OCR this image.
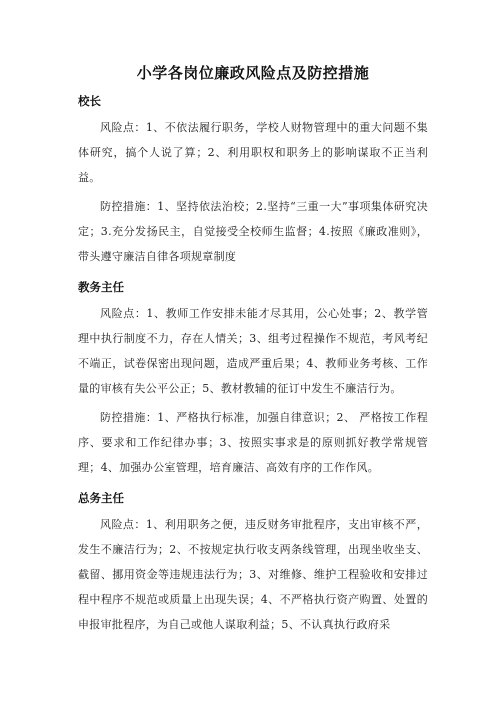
小学各岗位廉政风险点及防控措施
校长

风险点：1、不依法履行职务，学校人财物管理中的重大问题不集体研究，搞个人说了算；2、利用职权和职务上的影响谋取不正当利益。

防控措施：1、坚持依法治校；2.坚持“三重一大”事项集体研究决定；3.充分发扬民主，自觉接受全校师生监督；4.按照《廉政准则》，带头遵守廉洁自律各项规章制度

教务主任

风险点：1、教师工作安排未能才尽其用，公心处事；2、教学管理中执行制度不力，存在人情关；3、组考过程操作不规范，考风考纪不端正，试卷保密出现问题，造成严重后果；4、教师业务考核、工作量的审核有失公平公正；5、教材教辅的征订中发生不廉洁行为。

防控措施：1、严格执行标准，加强自律意识；2、 严格按工作程序、要求和工作纪律办事；3、按照实事求是的原则抓好教学常规管理；4、加强办公室管理，培育廉洁、高效有序的工作作风。

总务主任

风险点：1、利用职务之便，违反财务审批程序，支出审核不严，发生不廉洁行为；2、不按规定执行收支两条线管理，出现坐收坐支、截留、挪用资金等违规违法行为；3、对维修、维护工程验收和安排过程中程序不规范或质量上出现失误；4、不严格执行资产购置、处置的申报审批程序，为自己或他人谋取利益；5、不认真执行政府采
